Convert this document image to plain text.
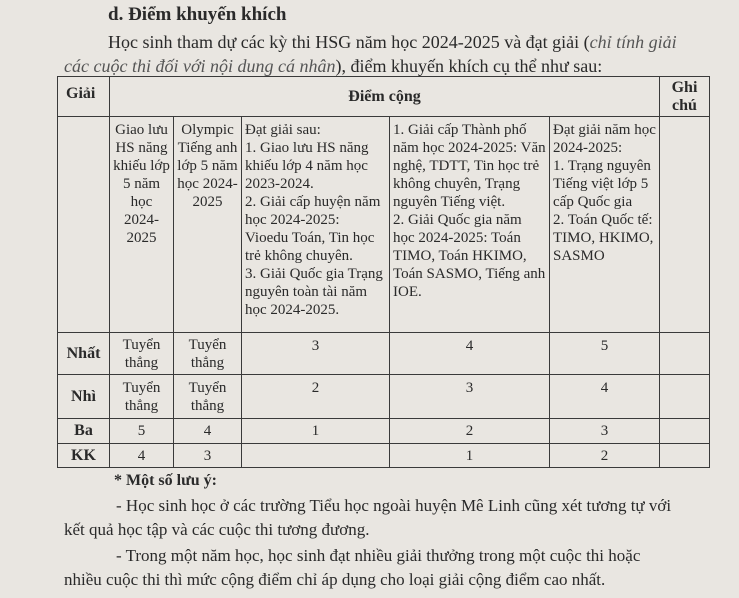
d. Điểm khuyến khích
Học sinh tham dự các kỳ thi HSG năm học 2024-2025 và đạt giải (chỉ tính giải
các cuộc thi đối với nội dung cá nhân), điểm khuyến khích cụ thể như sau:
Giải	Điểm cộng					Ghi chú
	Giao lưu HS năng khiếu lớp 5 năm học 2024-2025	Olympic Tiếng anh lớp 5 năm học 2024-2025	Đạt giải sau:
1. Giao lưu HS năng khiếu lớp 4 năm học 2023-2024.
2. Giải cấp huyện năm học 2024-2025: Vioedu Toán, Tin học trẻ không chuyên.
3. Giải Quốc gia Trạng nguyên toàn tài năm học 2024-2025.	1. Giải cấp Thành phố năm học 2024-2025: Văn nghệ, TDTT, Tin học trẻ không chuyên, Trạng nguyên Tiếng việt.
2. Giải Quốc gia năm học 2024-2025: Toán TIMO, Toán HKIMO, Toán SASMO, Tiếng anh IOE.	Đạt giải năm học 2024-2025:
1. Trạng nguyên Tiếng việt lớp 5 cấp Quốc gia
2. Toán Quốc tế: TIMO, HKIMO, SASMO	
Nhất	Tuyển thẳng	Tuyển thẳng	3	4	5	
Nhì	Tuyển thẳng	Tuyển thẳng	2	3	4	
Ba	5	4	1	2	3	
KK	4	3		1	2	
* Một số lưu ý:
- Học sinh học ở các trường Tiểu học ngoài huyện Mê Linh cũng xét tương tự với
kết quả học tập và các cuộc thi tương đương.
- Trong một năm học, học sinh đạt nhiều giải thưởng trong một cuộc thi hoặc
nhiều cuộc thi thì mức cộng điểm chỉ áp dụng cho loại giải cộng điểm cao nhất.
